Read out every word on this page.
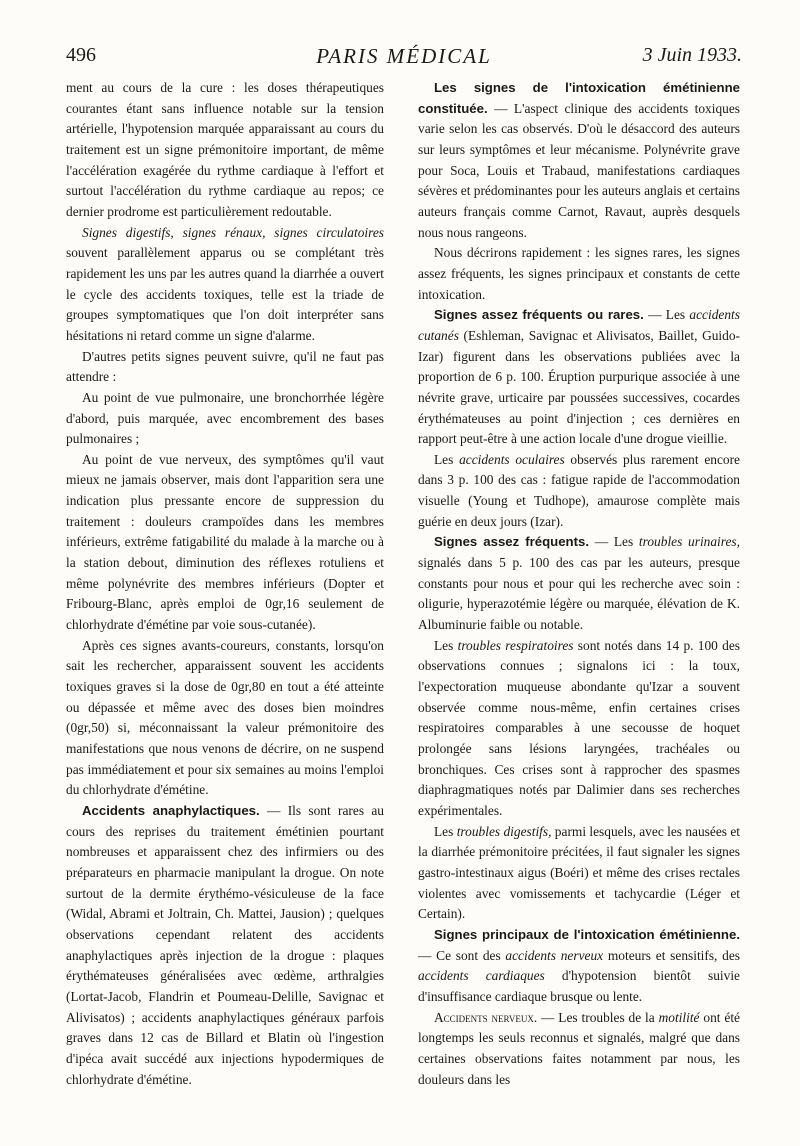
496	PARIS MÉDICAL	3 Juin 1933.

ment au cours de la cure : les doses thérapeutiques courantes étant sans influence notable sur la tension artérielle, l'hypotension marquée apparaissant au cours du traitement est un signe prémonitoire important, de même l'accélération exagérée du rythme cardiaque à l'effort et surtout l'accélération du rythme cardiaque au repos; ce dernier prodrome est particulièrement redoutable.

Signes digestifs, signes rénaux, signes circulatoires souvent parallèlement apparus ou se complétant très rapidement les uns par les autres quand la diarrhée a ouvert le cycle des accidents toxiques, telle est la triade de groupes symptomatiques que l'on doit interpréter sans hésitations ni retard comme un signe d'alarme.

D'autres petits signes peuvent suivre, qu'il ne faut pas attendre :

Au point de vue pulmonaire, une bronchorrhée légère d'abord, puis marquée, avec encombrement des bases pulmonaires ;

Au point de vue nerveux, des symptômes qu'il vaut mieux ne jamais observer, mais dont l'apparition sera une indication plus pressante encore de suppression du traitement : douleurs crampoïdes dans les membres inférieurs, extrême fatigabilité du malade à la marche ou à la station debout, diminution des réflexes rotuliens et même polynévrite des membres inférieurs (Dopter et Fribourg-Blanc, après emploi de 0gr,16 seulement de chlorhydrate d'émétine par voie sous-cutanée).

Après ces signes avants-coureurs, constants, lorsqu'on sait les rechercher, apparaissent souvent les accidents toxiques graves si la dose de 0gr,80 en tout a été atteinte ou dépassée et même avec des doses bien moindres (0gr,50) si, méconnaissant la valeur prémonitoire des manifestations que nous venons de décrire, on ne suspend pas immédiatement et pour six semaines au moins l'emploi du chlorhydrate d'émétine.

Accidents anaphylactiques. — Ils sont rares au cours des reprises du traitement émétinien pourtant nombreuses et apparaissent chez des infirmiers ou des préparateurs en pharmacie manipulant la drogue. On note surtout de la dermite érythémo-vésiculeuse de la face (Widal, Abrami et Joltrain, Ch. Mattei, Jausion) ; quelques observations cependant relatent des accidents anaphylactiques après injection de la drogue : plaques érythémateuses généralisées avec œdème, arthralgies (Lortat-Jacob, Flandrin et Poumeau-Delille, Savignac et Alivisatos) ; accidents anaphylactiques généraux parfois graves dans 12 cas de Billard et Blatin où l'ingestion d'ipéca avait succédé aux injections hypodermiques de chlorhydrate d'émétine.

Les signes de l'intoxication émétinienne constituée. — L'aspect clinique des accidents toxiques varie selon les cas observés. D'où le désaccord des auteurs sur leurs symptômes et leur mécanisme. Polynévrite grave pour Soca, Louis et Trabaud, manifestations cardiaques sévères et prédominantes pour les auteurs anglais et certains auteurs français comme Carnot, Ravaut, auprès desquels nous nous rangeons.

Nous décrirons rapidement : les signes rares, les signes assez fréquents, les signes principaux et constants de cette intoxication.

Signes assez fréquents ou rares. — Les accidents cutanés (Eshleman, Savignac et Alivisatos, Baillet, Guido-Izar) figurent dans les observations publiées avec la proportion de 6 p. 100. Éruption purpurique associée à une névrite grave, urticaire par poussées successives, cocardes érythémateuses au point d'injection ; ces dernières en rapport peut-être à une action locale d'une drogue vieillie.

Les accidents oculaires observés plus rarement encore dans 3 p. 100 des cas : fatigue rapide de l'accommodation visuelle (Young et Tudhope), amaurose complète mais guérie en deux jours (Izar).

Signes assez fréquents. — Les troubles urinaires, signalés dans 5 p. 100 des cas par les auteurs, presque constants pour nous et pour qui les recherche avec soin : oligurie, hyperazotémie légère ou marquée, élévation de K. Albuminurie faible ou notable.

Les troubles respiratoires sont notés dans 14 p. 100 des observations connues ; signalons ici : la toux, l'expectoration muqueuse abondante qu'Izar a souvent observée comme nous-même, enfin certaines crises respiratoires comparables à une secousse de hoquet prolongée sans lésions laryngées, trachéales ou bronchiques. Ces crises sont à rapprocher des spasmes diaphragmatiques notés par Dalimier dans ses recherches expérimentales.

Les troubles digestifs, parmi lesquels, avec les nausées et la diarrhée prémonitoire précitées, il faut signaler les signes gastro-intestinaux aigus (Boéri) et même des crises rectales violentes avec vomissements et tachycardie (Léger et Certain).

Signes principaux de l'intoxication émétinienne. — Ce sont des accidents nerveux moteurs et sensitifs, des accidents cardiaques d'hypotension bientôt suivie d'insuffisance cardiaque brusque ou lente.

Accidents nerveux. — Les troubles de la motilité ont été longtemps les seuls reconnus et signalés, malgré que dans certaines observations faites notamment par nous, les douleurs dans les
